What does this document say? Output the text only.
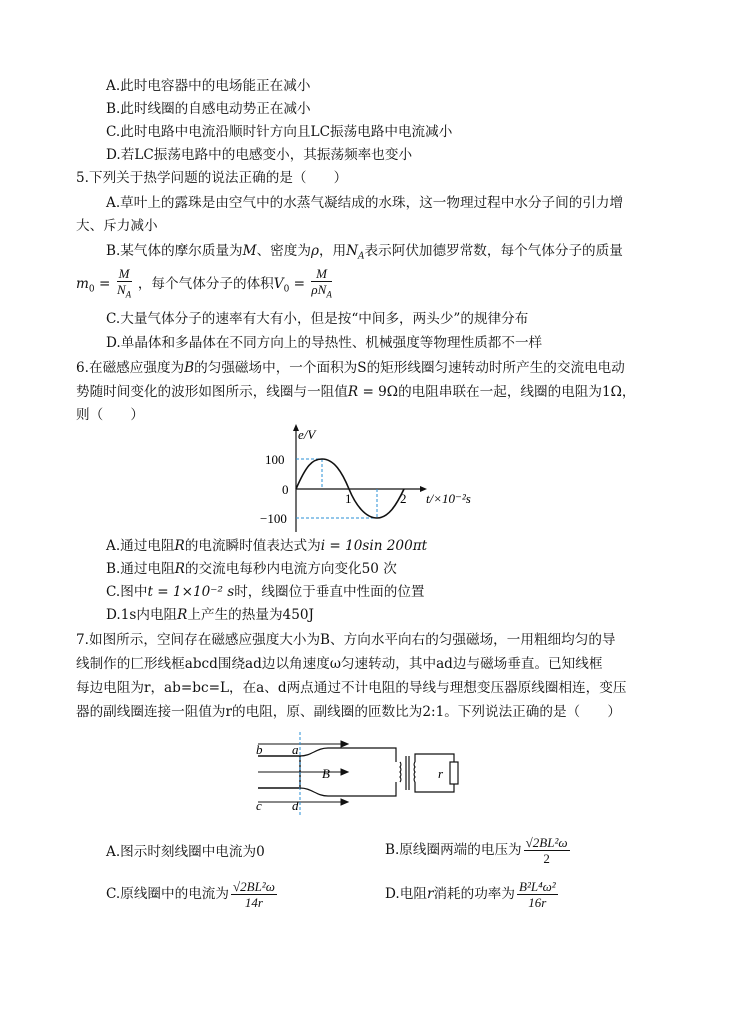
A.此时电容器中的电场能正在减小
B.此时线圈的自感电动势正在减小
C.此时电路中电流沿顺时针方向且LC振荡电路中电流减小
D.若LC振荡电路中的电感变小，其振荡频率也变小
5.下列关于热学问题的说法正确的是（　　）
A.草叶上的露珠是由空气中的水蒸气凝结成的水珠，这一物理过程中水分子间的引力增
大、斥力减小
B.某气体的摩尔质量为M、密度为ρ，用$N_A$表示阿伏加德罗常数，每个气体分子的质量
$m_0 = \frac{M}{N_A}$ ，每个气体分子的体积$V_0 = \frac{M}{\rho N_A}$
C.大量气体分子的速率有大有小，但是按“中间多，两头少”的规律分布
D.单晶体和多晶体在不同方向上的导热性、机械强度等物理性质都不一样
6.在磁感应强度为B的匀强磁场中，一个面积为S的矩形线圈匀速转动时所产生的交流电电动
势随时间变化的波形如图所示，线圈与一阻值R = 9Ω的电阻串联在一起，线圈的电阻为1Ω，
则（　　）
e/V
100
0
−100
1	2 t/×10⁻²s
A.通过电阻R的电流瞬时值表达式为i = 10sin 200πt
B.通过电阻R的交流电每秒内电流方向变化50 次
C.图中t = 1×10⁻² s时，线圈位于垂直中性面的位置
D.1s内电阻R上产生的热量为450J
7.如图所示，空间存在磁感应强度大小为B、方向水平向右的匀强磁场，一用粗细均匀的导
线制作的匚形线框abcd围绕ad边以角速度ω匀速转动，其中ad边与磁场垂直。已知线框
每边电阻为r，ab=bc=L，在a、d两点通过不计电阻的导线与理想变压器原线圈相连，变压
器的副线圈连接一阻值为r的电阻，原、副线圈的匝数比为2:1。下列说法正确的是（　　）
b a
c d
B	r
A.图示时刻线圈中电流为0	B.原线圈两端的电压为 $\frac{\text{√2BL²ω}}{2}$
C.原线圈中的电流为 $\frac{\text{√2BL²ω}}{14r}$	D.电阻r消耗的功率为 $\frac{\text{B²L⁴ω²}}{16r}$
